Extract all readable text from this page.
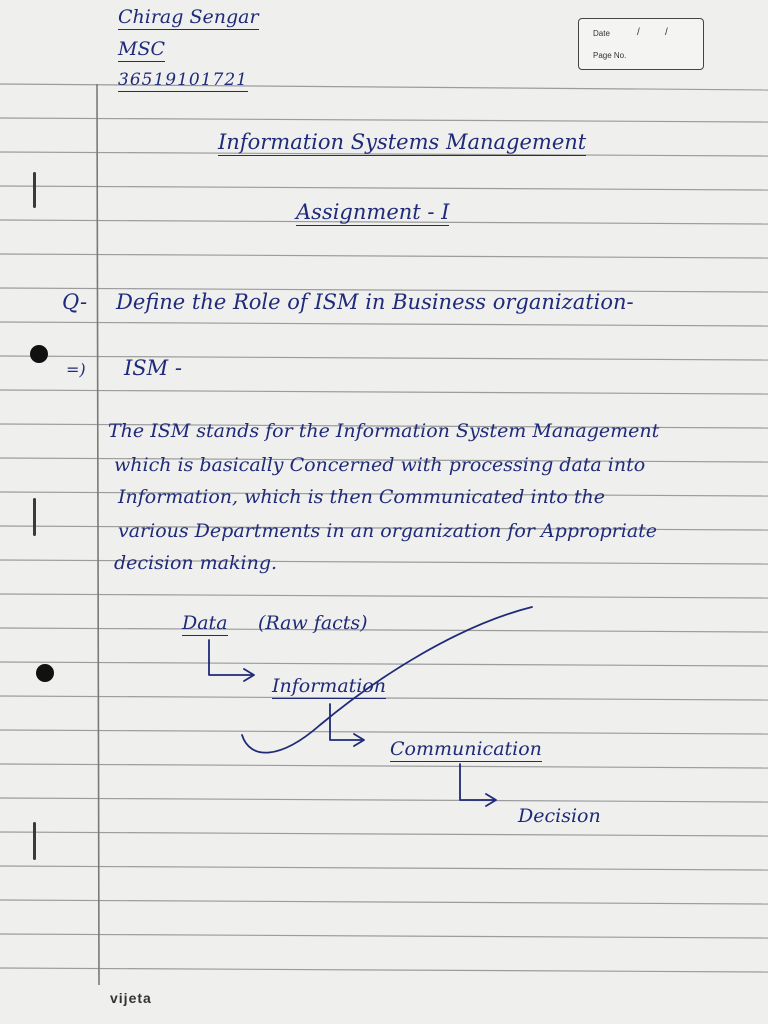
Chirag Sengar
MSC
36519101721
Date	/	/
Page No.
Information Systems Management
Assignment - I
Q- Define the Role of ISM in Business organization-
=) ISM -
The ISM stands for the Information System Management
which is basically Concerned with processing data into
Information, which is then Communicated into the
various Departments in an organization for Appropriate
decision making.
Data (Raw facts)
Information
Communication
Decision
vijeta
